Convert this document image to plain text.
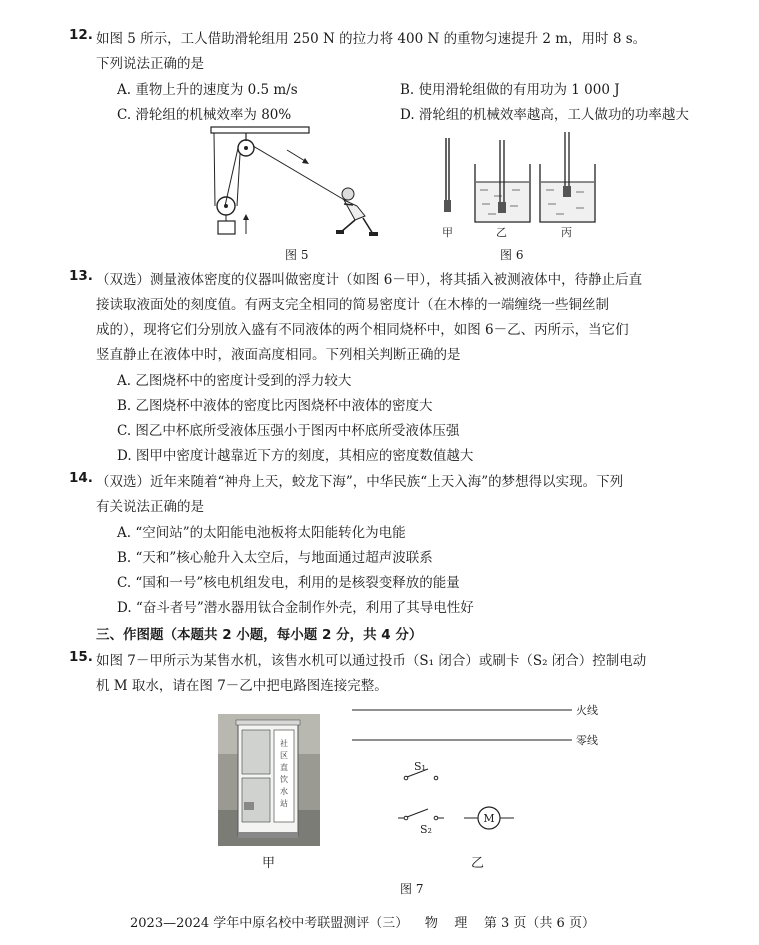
12. 如图 5 所示，工人借助滑轮组用 250 N 的拉力将 400 N 的重物匀速提升 2 m，用时 8 s。
下列说法正确的是
A. 重物上升的速度为 0.5 m/s	B. 使用滑轮组做的有用功为 1 000 J
C. 滑轮组的机械效率为 80%	D. 滑轮组的机械效率越高，工人做功的功率越大
图 5
甲	乙	丙
图 6
13. （双选）测量液体密度的仪器叫做密度计（如图 6－甲），将其插入被测液体中，待静止后直
接读取液面处的刻度值。有两支完全相同的简易密度计（在木棒的一端缠绕一些铜丝制
成的），现将它们分别放入盛有不同液体的两个相同烧杯中，如图 6－乙、丙所示，当它们
竖直静止在液体中时，液面高度相同。下列相关判断正确的是
A. 乙图烧杯中的密度计受到的浮力较大
B. 乙图烧杯中液体的密度比丙图烧杯中液体的密度大
C. 图乙中杯底所受液体压强小于图丙中杯底所受液体压强
D. 图甲中密度计越靠近下方的刻度，其相应的密度数值越大
14. （双选）近年来随着“神舟上天，蛟龙下海”，中华民族“上天入海”的梦想得以实现。下列
有关说法正确的是
A. “空间站”的太阳能电池板将太阳能转化为电能
B. “天和”核心舱升入太空后，与地面通过超声波联系
C. “国和一号”核电机组发电，利用的是核裂变释放的能量
D. “奋斗者号”潜水器用钛合金制作外壳，利用了其导电性好
三、作图题（本题共 2 小题，每小题 2 分，共 4 分）
15. 如图 7－甲所示为某售水机，该售水机可以通过投币（S₁ 闭合）或刷卡（S₂ 闭合）控制电动
机 M 取水，请在图 7－乙中把电路图连接完整。
社
区
直
饮
水
站
甲
火线
零线
S₁
S₂
M
乙
图 7
2023—2024 学年中原名校中考联盟测评（三）    物    理    第 3 页（共 6 页）
